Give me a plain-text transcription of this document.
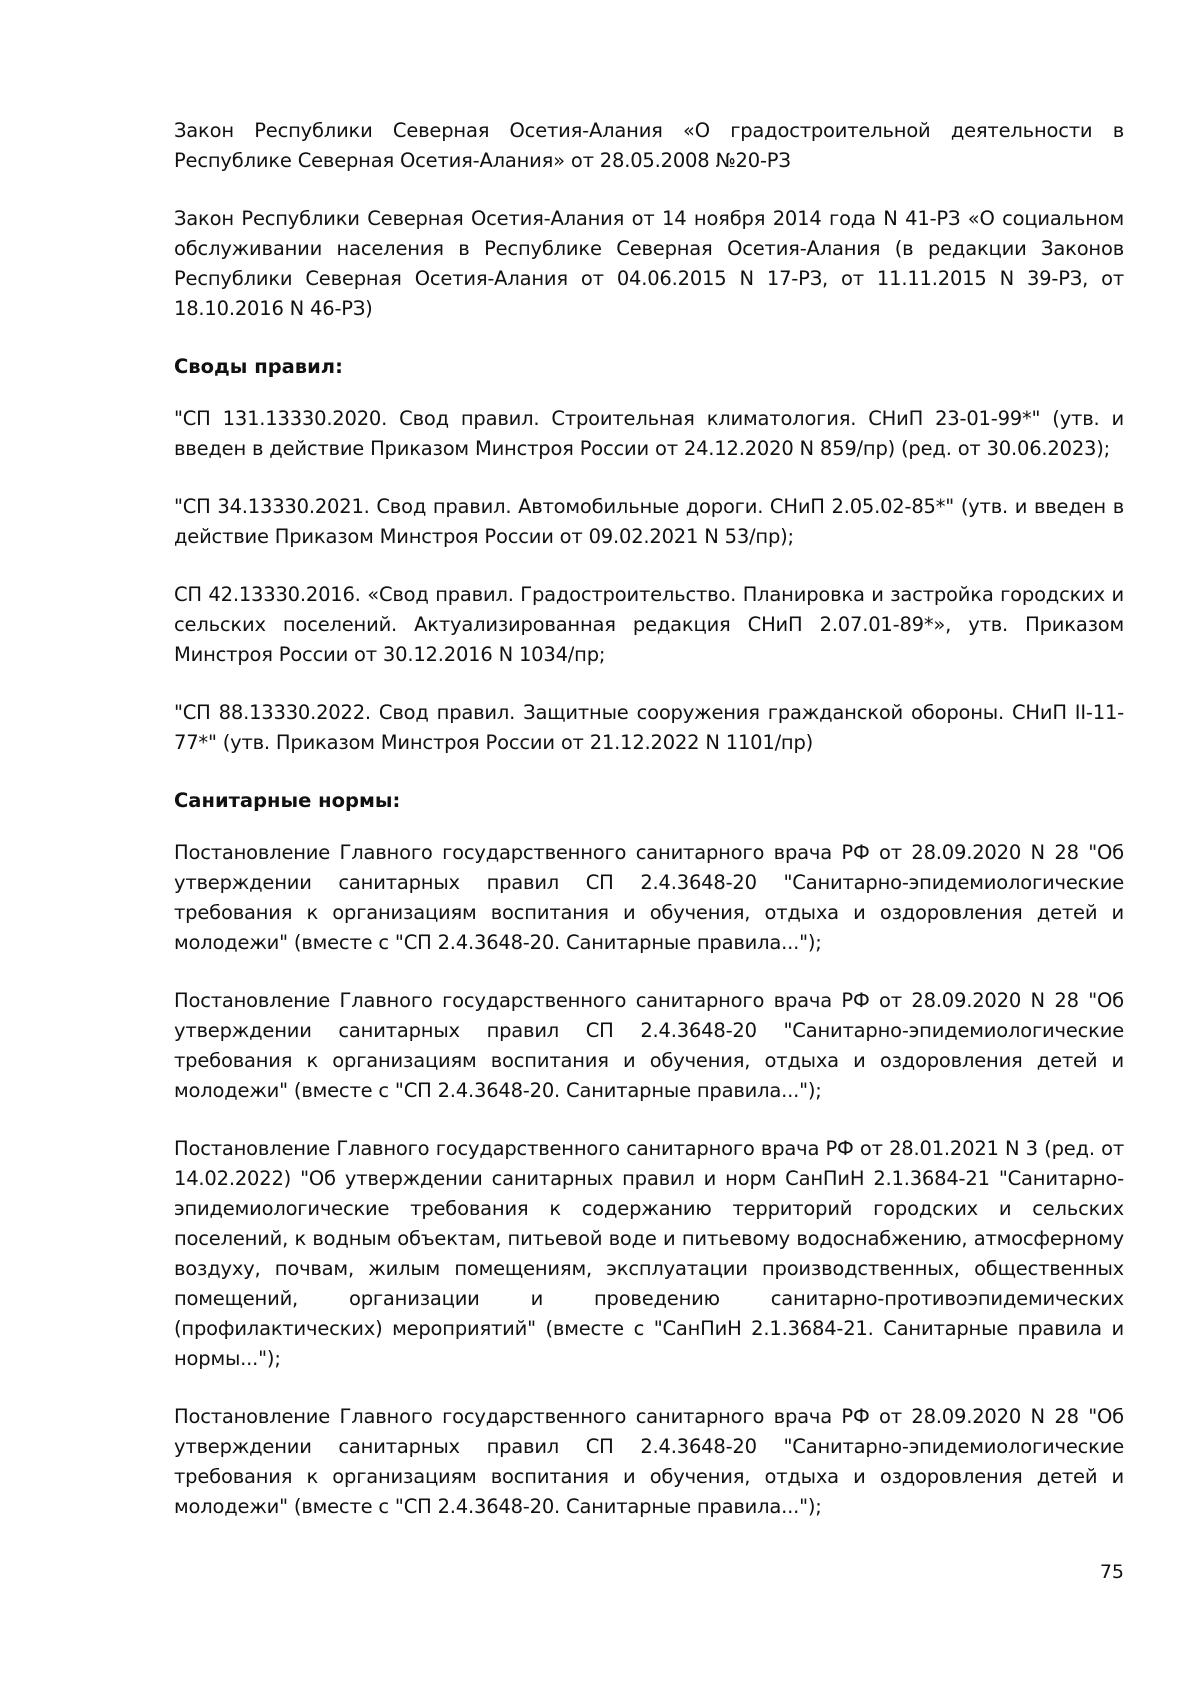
Закон Республики Северная Осетия-Алания «О градостроительной деятельности в Республике Северная Осетия-Алания» от 28.05.2008 №20-РЗ

Закон Республики Северная Осетия-Алания от 14 ноября 2014 года N 41-РЗ «О социальном обслуживании населения в Республике Северная Осетия-Алания (в редакции Законов Республики Северная Осетия-Алания от 04.06.2015 N 17-РЗ, от 11.11.2015 N 39-РЗ, от 18.10.2016 N 46-РЗ)

Своды правил:

"СП 131.13330.2020. Свод правил. Строительная климатология. СНиП 23-01-99*" (утв. и введен в действие Приказом Минстроя России от 24.12.2020 N 859/пр) (ред. от 30.06.2023);

"СП 34.13330.2021. Свод правил. Автомобильные дороги. СНиП 2.05.02-85*" (утв. и введен в действие Приказом Минстроя России от 09.02.2021 N 53/пр);

СП 42.13330.2016. «Свод правил. Градостроительство. Планировка и застройка городских и сельских поселений. Актуализированная редакция СНиП 2.07.01-89*», утв. Приказом Минстроя России от 30.12.2016 N 1034/пр;

"СП 88.13330.2022. Свод правил. Защитные сооружения гражданской обороны. СНиП II-11-77*" (утв. Приказом Минстроя России от 21.12.2022 N 1101/пр)

Санитарные нормы:

Постановление Главного государственного санитарного врача РФ от 28.09.2020 N 28 "Об утверждении санитарных правил СП 2.4.3648-20 "Санитарно-эпидемиологические требования к организациям воспитания и обучения, отдыха и оздоровления детей и молодежи" (вместе с "СП 2.4.3648-20. Санитарные правила...");

Постановление Главного государственного санитарного врача РФ от 28.09.2020 N 28 "Об утверждении санитарных правил СП 2.4.3648-20 "Санитарно-эпидемиологические требования к организациям воспитания и обучения, отдыха и оздоровления детей и молодежи" (вместе с "СП 2.4.3648-20. Санитарные правила...");

Постановление Главного государственного санитарного врача РФ от 28.01.2021 N 3 (ред. от 14.02.2022) "Об утверждении санитарных правил и норм СанПиН 2.1.3684-21 "Санитарно-эпидемиологические требования к содержанию территорий городских и сельских поселений, к водным объектам, питьевой воде и питьевому водоснабжению, атмосферному воздуху, почвам, жилым помещениям, эксплуатации производственных, общественных помещений, организации и проведению санитарно-противоэпидемических (профилактических) мероприятий" (вместе с "СанПиН 2.1.3684-21. Санитарные правила и нормы...");

Постановление Главного государственного санитарного врача РФ от 28.09.2020 N 28 "Об утверждении санитарных правил СП 2.4.3648-20 "Санитарно-эпидемиологические требования к организациям воспитания и обучения, отдыха и оздоровления детей и молодежи" (вместе с "СП 2.4.3648-20. Санитарные правила...");

75
